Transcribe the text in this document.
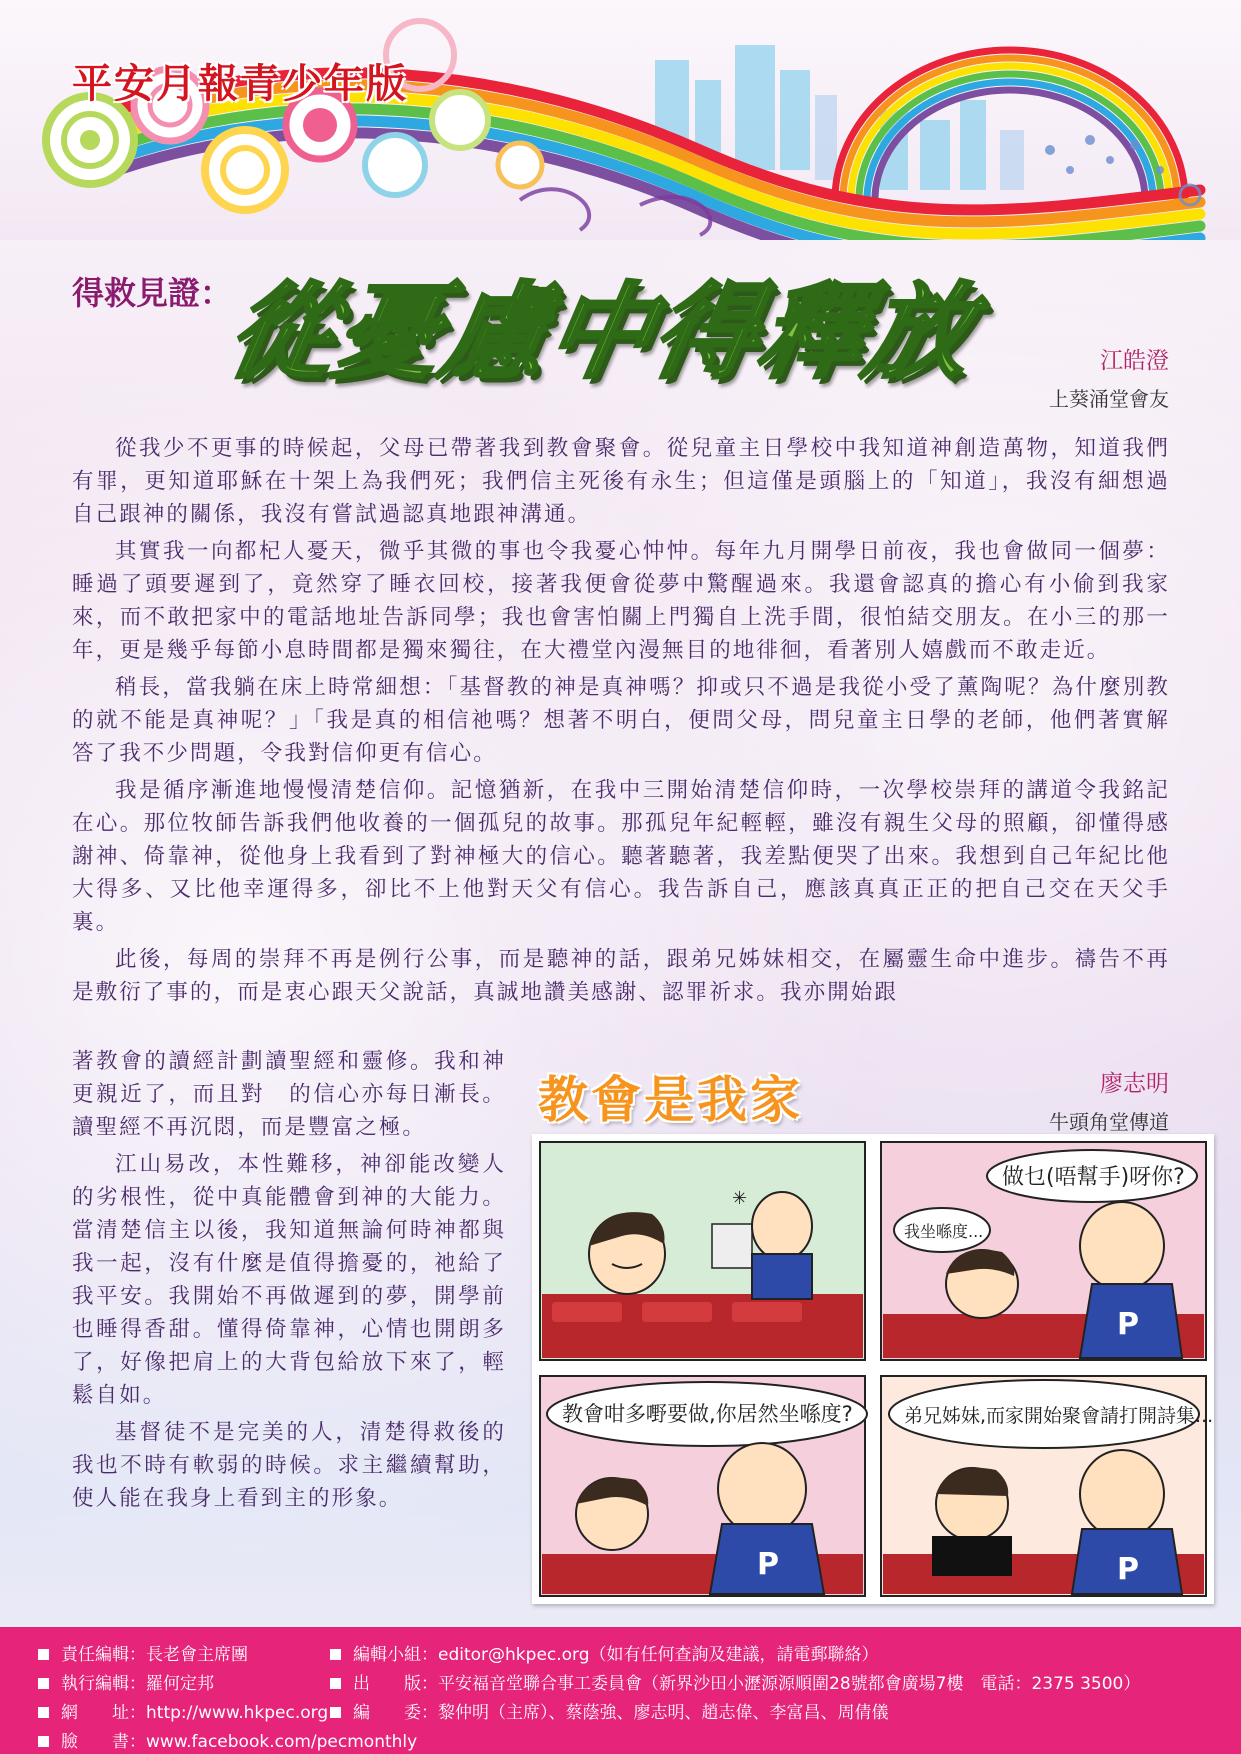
平安月報青少年版
得救見證：
從憂慮中得釋放	江皓澄
上葵涌堂會友

從我少不更事的時候起，父母已帶著我到教會聚會。從兒童主日學校中我知道神創造萬物，知道我們有罪，更知道耶穌在十架上為我們死；我們信主死後有永生；但這僅是頭腦上的「知道」，我沒有細想過自己跟神的關係，我沒有嘗試過認真地跟神溝通。

其實我一向都杞人憂天，微乎其微的事也令我憂心忡忡。每年九月開學日前夜，我也會做同一個夢：睡過了頭要遲到了，竟然穿了睡衣回校，接著我便會從夢中驚醒過來。我還會認真的擔心有小偷到我家來，而不敢把家中的電話地址告訴同學；我也會害怕關上門獨自上洗手間，很怕結交朋友。在小三的那一年，更是幾乎每節小息時間都是獨來獨往，在大禮堂內漫無目的地徘徊，看著別人嬉戲而不敢走近。

稍長，當我躺在床上時常細想：「基督教的神是真神嗎？抑或只不過是我從小受了薰陶呢？為什麼別教的就不能是真神呢？」「我是真的相信祂嗎？想著不明白，便問父母，問兒童主日學的老師，他們著實解答了我不少問題，令我對信仰更有信心。

我是循序漸進地慢慢清楚信仰。記憶猶新，在我中三開始清楚信仰時，一次學校崇拜的講道令我銘記在心。那位牧師告訴我們他收養的一個孤兒的故事。那孤兒年紀輕輕，雖沒有親生父母的照顧，卻懂得感謝神、倚靠神，從他身上我看到了對神極大的信心。聽著聽著，我差點便哭了出來。我想到自己年紀比他大得多、又比他幸運得多，卻比不上他對天父有信心。我告訴自己，應該真真正正的把自己交在天父手裏。

此後，每周的崇拜不再是例行公事，而是聽神的話，跟弟兄姊妹相交，在屬靈生命中進步。禱告不再是敷衍了事的，而是衷心跟天父說話，真誠地讚美感謝、認罪祈求。我亦開始跟

著教會的讀經計劃讀聖經和靈修。我和神更親近了，而且對　的信心亦每日漸長。讀聖經不再沉悶，而是豐富之極。

江山易改，本性難移，神卻能改變人的劣根性，從中真能體會到神的大能力。當清楚信主以後，我知道無論何時神都與我一起，沒有什麼是值得擔憂的，祂給了我平安。我開始不再做遲到的夢，開學前也睡得香甜。懂得倚靠神，心情也開朗多了，好像把肩上的大背包給放下來了，輕鬆自如。

基督徒不是完美的人，清楚得救後的我也不時有軟弱的時候。求主繼續幫助，使人能在我身上看到主的形象。

教會是我家	廖志明
牛頭角堂傳道
✳
做乜(唔幫手)呀你?
我坐喺度...
P
教會咁多嘢要做,你居然坐喺度?
P
弟兄姊妹,而家開始聚會請打開詩集......
P
責任編輯：長老會主席團
執行編輯：羅何定邦
網　　址：http://www.hkpec.org
臉　　書：www.facebook.com/pecmonthly
編輯小組：editor@hkpec.org（如有任何查詢及建議，請電郵聯絡）
出　　版：平安福音堂聯合事工委員會（新界沙田小瀝源源順圍28號都會廣場7樓　電話：2375 3500）
編　　委：黎仲明（主席）、蔡蔭強、廖志明、趙志偉、李富昌、周倩儀
